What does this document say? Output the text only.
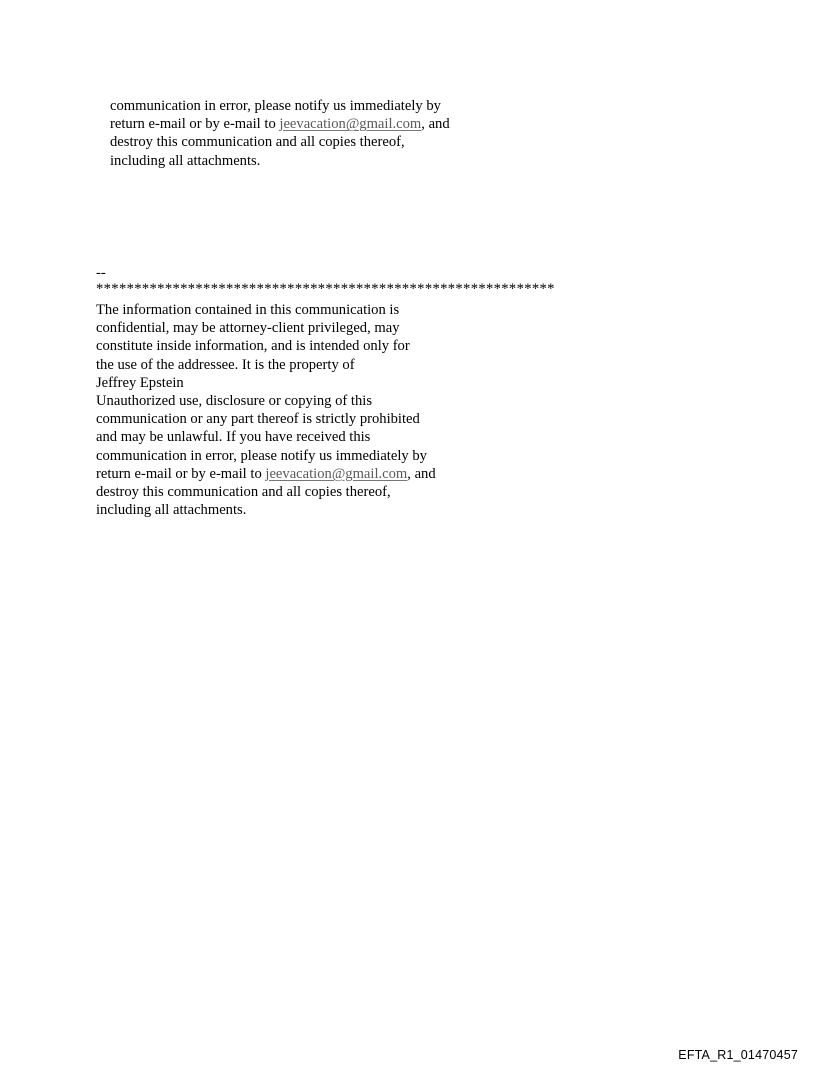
communication in error, please notify us immediately by
return e-mail or by e-mail to jeevacation@gmail.com, and
destroy this communication and all copies thereof,
including all attachments.
--
************************************************************
The information contained in this communication is
confidential, may be attorney-client privileged, may
constitute inside information, and is intended only for
the use of the addressee. It is the property of
Jeffrey Epstein
Unauthorized use, disclosure or copying of this
communication or any part thereof is strictly prohibited
and may be unlawful. If you have received this
communication in error, please notify us immediately by
return e-mail or by e-mail to jeevacation@gmail.com, and
destroy this communication and all copies thereof,
including all attachments.
EFTA_R1_01470457
